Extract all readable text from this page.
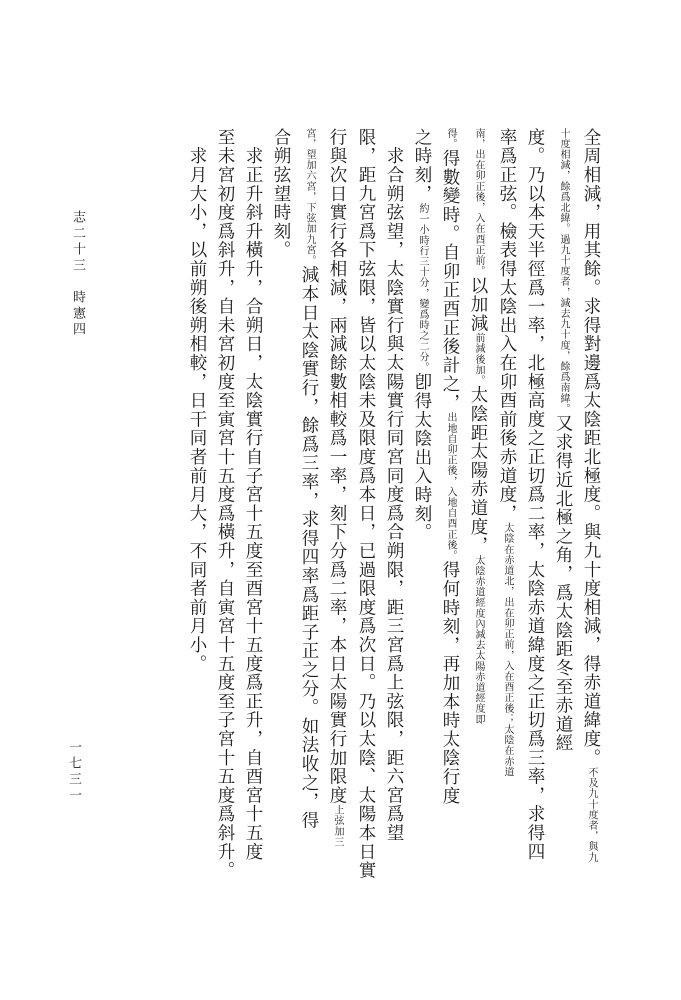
全周相減，用其餘。求得對邊爲太陰距北極度。與九十度相減，得赤道緯度。不及九十度者，與九
十度相減，餘爲北緯。過九十度者，減去九十度，餘爲南緯。又求得近北極之角，爲太陰距冬至赤道經
度。乃以本天半徑爲一率，北極高度之正切爲二率，太陰赤道緯度之正切爲三率，求得四
率爲正弦。檢表得太陰出入在卯酉前後赤道度，太陰在赤道北，出在卯正前，入在酉正後；太陰在赤道
南，出在卯正後，入在酉正前。以加減前減後加。太陰距太陽赤道度，太陰赤道經度內減去太陽赤道經度即
得。得數變時。自卯正酉正後計之，出地自卯正後，入地自酉正後。得何時刻，再加本時太陰行度
之時刻，約一小時行三十分，變爲時之二分。卽得太陰出入時刻。
　求合朔弦望，太陰實行與太陽實行同宮同度爲合朔限，距三宮爲上弦限，距六宮爲望
限，距九宮爲下弦限，皆以太陰未及限度爲本日，已過限度爲次日。乃以太陰、太陽本日實
行與次日實行各相減，兩減餘數相較爲一率，刻下分爲二率，本日太陽實行加限度上弦加三
宮，望加六宮，下弦加九宮。減本日太陰實行，餘爲三率，求得四率爲距子正之分。如法收之，得
合朔弦望時刻。
　求正升斜升橫升，合朔日，太陰實行自子宮十五度至酉宮十五度爲正升，自酉宮十五度
至未宮初度爲斜升，自未宮初度至寅宮十五度爲橫升，自寅宮十五度至子宮十五度爲斜升。
　求月大小，以前朔後朔相較，日干同者前月大，不同者前月小。
志二十三　時憲四
一七三一
